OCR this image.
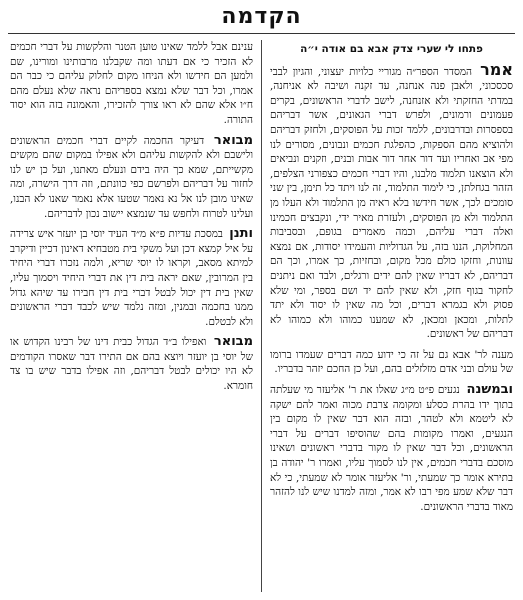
הקדמה
פתחו לי שערי צדק אבא בם אודה י״ה

אמר המסדר הספר״ה מגוריי כלויות יעצוני, והגיון לבבי סכסכוני, ולאבן פנה אנחנה, עד זקנה ושיבה לא אניחנה, במדתי החזקתי ולא אזנחנה, לישב לדברי הראשונים, בקרים פעמונים ורמונים, ולפרש דברי הגאונים, אשר דבריהם בספסרות ובדרבונים, ללמד זכות על הפוסקים, ולחזק דבריהם ולהוציא מהם הספקות, כהפלגת חכמים ונבונים, מסורים לנו מפי אב ואחריו ועד דור אחר דור אבות ובנים, וזקנים ונביאים ולא הוצאנו תלמוד מלבנו, והיו דברי חכמים כצפורני הצלפים, הזהר בגחלתן, כי לימוד התלמוד, זה לנו ויתד כל תימן, בין שני סומכים לכך, אשר חידשו בלא ראיה מן התלמוד ולא העלו מן התלמוד ולא מן הפוסקים, ולעזרת מאיר ידי, ונקבצים חכמינו ואלה דברי עליהם, וכמה מאמרים בגופם, ובסביבות המחלוקת, הננו בזה, על הגדוליות והעמידו יסודות, אם נמצא עוונות, וחזקו כולם מכל מקום, ובחזיות, כך אמרו, וכך הם דבריהם, לא דבריו שאין להם ידים ורגלים, ולבד ואם ניתנים לחקור בגוף חזק, ולא שאין להם יד ושם בספר, ומי שלא פסוק ולא בגמרא דברים, וכל מה שאין לו יסוד ולא יתד לתלות, ומכאן ומכאן, לא שמענו כמוהו ולא כמוהו לא דבריהם של ראשונים.

מענה לר' אבא גם על זה כי ידוע כמה דברים שעמדו ברומו של עולם ובני אדם מזלזלים בהם, ועל כן החכם יזהר בדבריו.

ובמשנה נגעים פ״ט מ״ג שאלו את ר' אליעזר מי שעלתה בתוך ידו בהרת כסלע ומקומה צרבת מכוה ואמר להם ישקה לא ליטמא ולא לטהר, ובזה הוא דבר שאין לו מקום בין הנגעים, ואמרו מקומות בהם שהוסיפו דברים על דברי הראשונים, וכל דבר שאין לו מקור בדברי ראשונים ושאינו מוסכם בדברי חכמים, אין לנו לסמוך עליו, ואמרו ר' יהודה בן בתירא אומר כך שמעתי, ור' אליעזר אומר לא שמעתי, כי לא דבר שלא שמע מפי רבו לא אמר, ומזה למדנו שיש לנו להזהר מאוד בדברי הראשונים.

ענינם אבל ללמד שאינו טוען הטנר והלקשות על דברי חכמים לא הזכיר כי אם דעתו ומה שקבלנו מרבותינו ומורינו, שם ולמען הם חידשו ולא הניחו מקום לחלוק עליהם כי כבר הם אמרו, וכל דבר שלא נמצא בספריהם נראה שלא נעלם מהם ח״ו אלא שהם לא ראו צורך להזכירו, והאמונה בזה הוא יסוד התורה.

מבואר דעיקר החכמה לקיים דברי חכמים הראשונים ולישבם ולא להקשות עליהם ולא אפילו במקום שהם מקשים מקשייתם, שמא כך היה בידם ונעלם מאתנו, ועל כן יש לנו לחזור על דבריהם ולפרשם כפי כוונתם, וזה דרך הישרה, ומה שאינו מובן לנו אל נא נאמר שטעו אלא נאמר שאנו לא הבנו, ועלינו לטרוח ולחפש עד שנמצא יישוב נכון לדבריהם.

ותנן במסכת עדיות פ״א מ״ד העיד יוסי בן יועזר איש צרידה על איל קמצא דכן ועל משקי בית מטבחיא דאינון דכיין ודיקרב למיתא מסאב, וקראו לו יוסי שריא, ולמה נזכרו דברי היחיד בין המרובין, שאם יראה בית דין את דברי היחיד ויסמוך עליו, שאין בית דין יכול לבטל דברי בית דין חבירו עד שיהא גדול ממנו בחכמה ובמנין, ומזה נלמד שיש לכבד דברי הראשונים ולא לבטלם.

מבואר ואפילו ב״ד הגדול כבית דינו של רבינו הקדוש או של יוסי בן יועזר ויוצא בהם אם התירו דבר שאסרו הקודמים לא היו יכולים לבטל דבריהם, וזה אפילו בדבר שיש בו צד חומרא.
